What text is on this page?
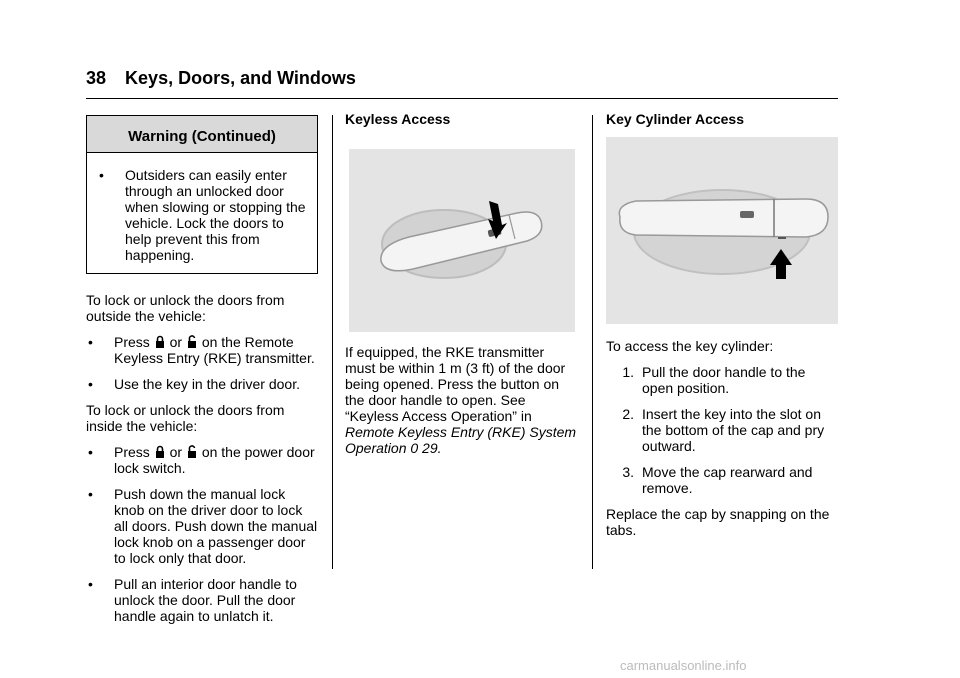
38 Keys, Doors, and Windows
Warning (Continued)
•	Outsiders can easily enter through an unlocked door when slowing or stopping the vehicle. Lock the doors to help prevent this from happening.

To lock or unlock the doors from outside the vehicle:

•	Press or on the Remote Keyless Entry (RKE) transmitter.
•	Use the key in the driver door.

To lock or unlock the doors from inside the vehicle:

•	Press or on the power door lock switch.
•	Push down the manual lock knob on the driver door to lock all doors. Push down the manual lock knob on a passenger door to lock only that door.
•	Pull an interior door handle to unlock the door. Pull the door handle again to unlatch it.
Keyless Access

If equipped, the RKE transmitter must be within 1 m (3 ft) of the door being opened. Press the button on the door handle to open. See “Keyless Access Operation” in Remote Keyless Entry (RKE) System Operation 0 29.

Key Cylinder Access

To access the key cylinder:

1. Pull the door handle to the open position.
2. Insert the key into the slot on the bottom of the cap and pry outward.
3. Move the cap rearward and remove.

Replace the cap by snapping on the tabs.

carmanualsonline.info
